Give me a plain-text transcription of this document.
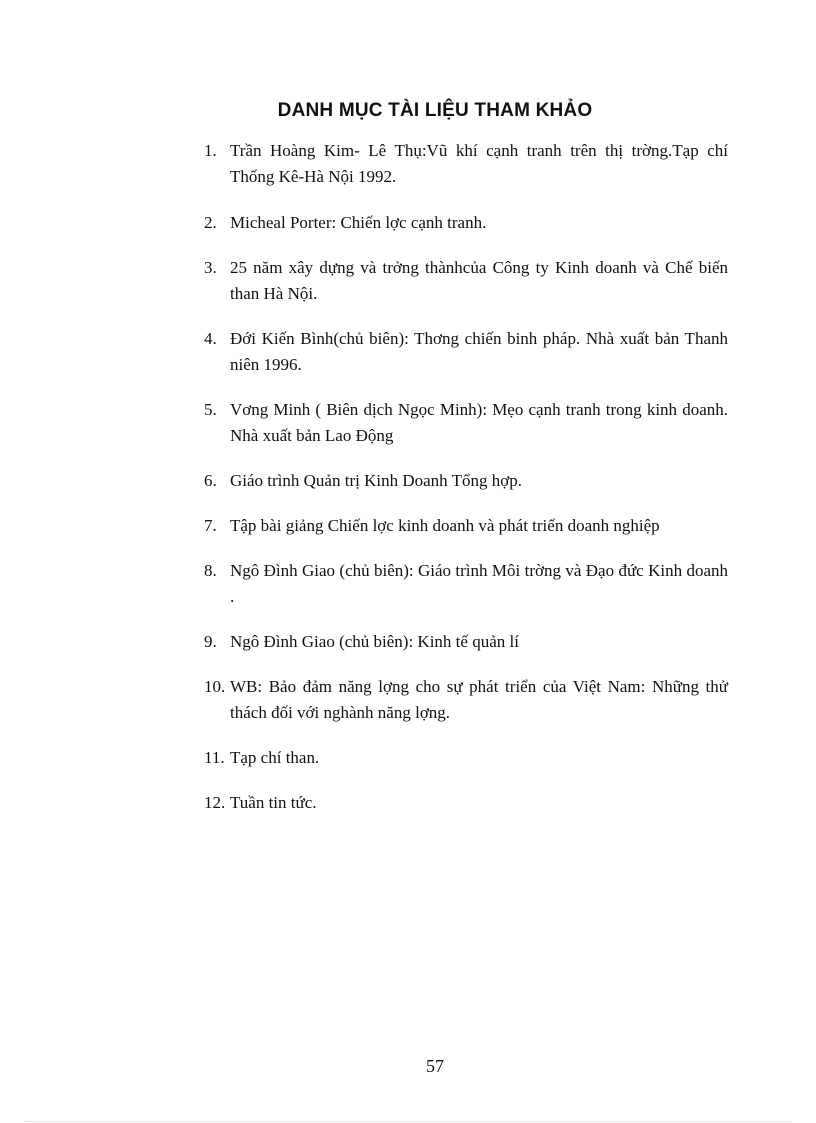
DANH MỤC TÀI LIỆU THAM KHẢO
1. Trần Hoàng Kim- Lê Thụ:Vũ khí cạnh tranh trên thị trờng.Tạp chí Thống Kê-Hà Nội 1992.
2. Micheal Porter: Chiến lợc cạnh tranh.
3. 25 năm xây dựng và trởng thànhcủa Công ty Kinh doanh và Chế biến than Hà Nội.
4. Đới Kiến Bình(chủ biên): Thơng chiến binh pháp. Nhà xuất bản Thanh niên 1996.
5. Vơng Minh ( Biên dịch Ngọc Minh): Mẹo cạnh tranh trong kinh doanh. Nhà xuất bản Lao Động
6. Giáo trình Quản trị Kinh Doanh Tổng hợp.
7. Tập bài giảng Chiến lợc kinh doanh và phát triển doanh nghiệp
8. Ngô Đình Giao (chủ biên): Giáo trình Môi trờng và Đạo đức Kinh doanh .
9. Ngô Đình Giao (chủ biên): Kinh tế quản lí
10. WB: Bảo đảm năng lợng cho sự phát triển của Việt Nam: Những thử thách đối với nghành năng lợng.
11. Tạp chí than.
12. Tuần tin tức.
57
